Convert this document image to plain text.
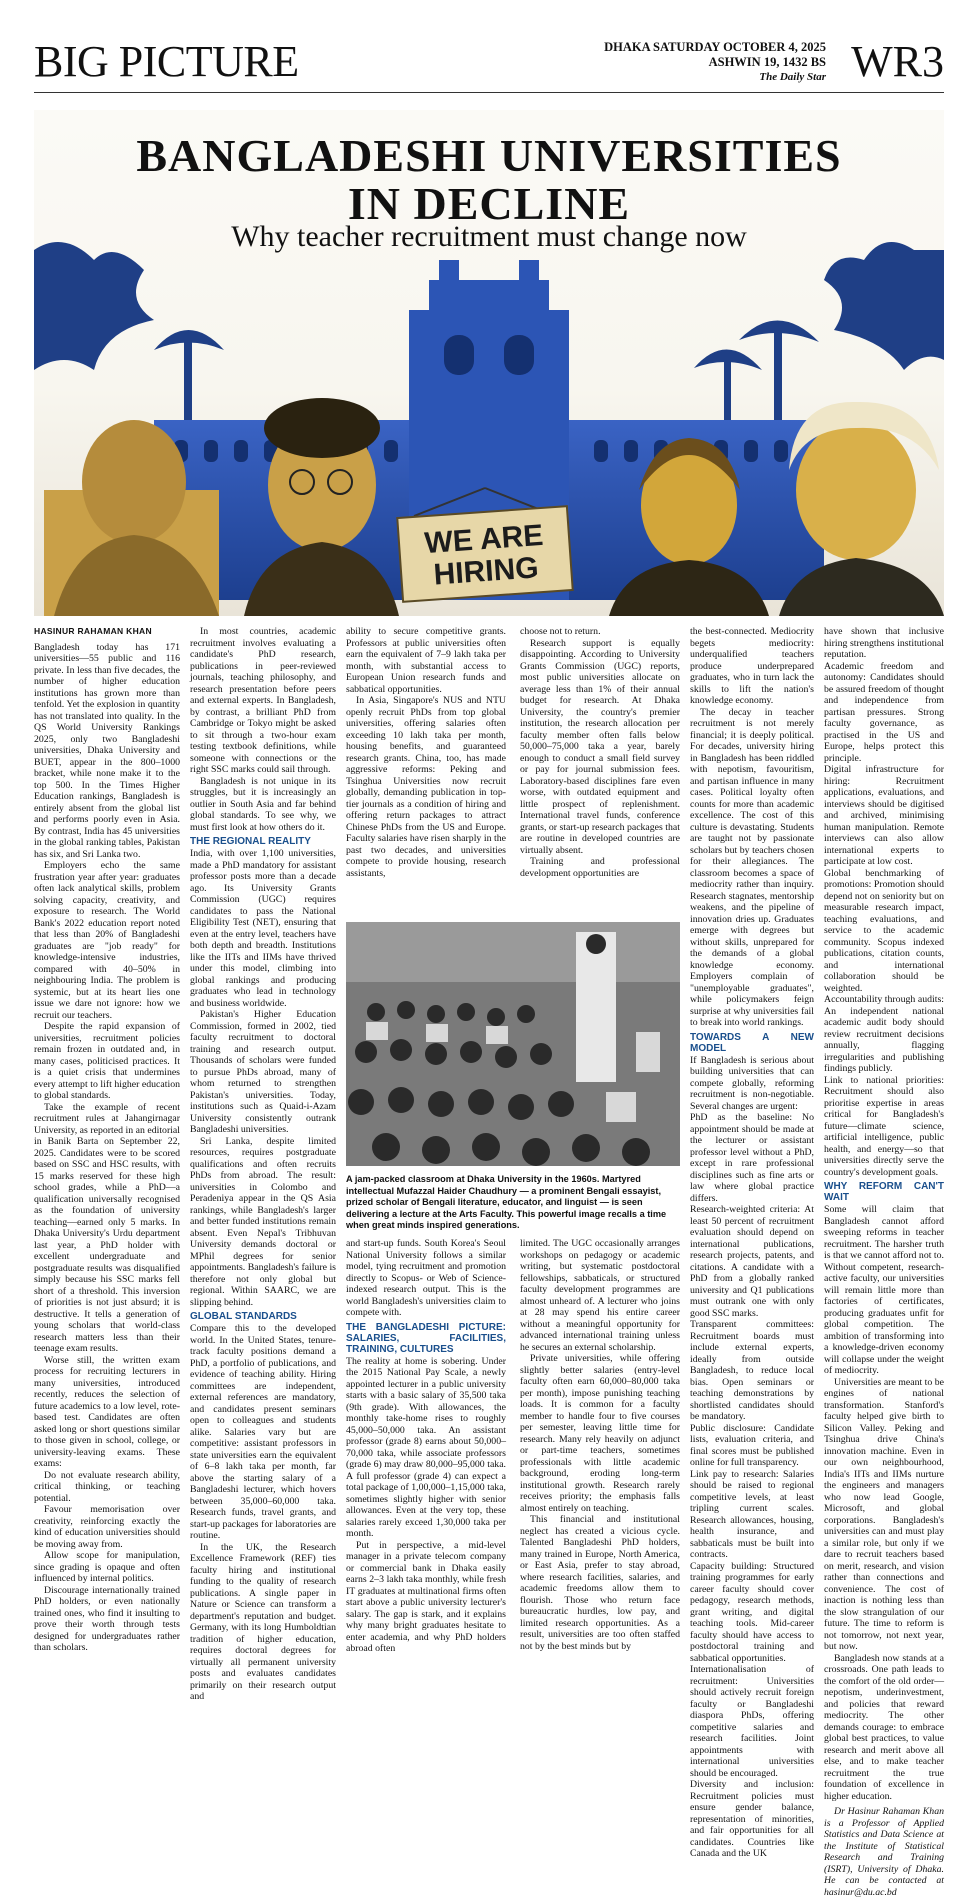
BIG PICTURE	DHAKA SATURDAY OCTOBER 4, 2025
ASHWIN 19, 1432 BS
The Daily Star WR3
BANGLADESHI UNIVERSITIES
IN DECLINE
Why teacher recruitment must change now
WE ARE
HIRING
HASINUR RAHAMAN KHAN

Bangladesh today has 171 universities—55 public and 116 private. In less than five decades, the number of higher education institutions has grown more than tenfold. Yet the explosion in quantity has not translated into quality. In the QS World University Rankings 2025, only two Bangladeshi universities, Dhaka University and BUET, appear in the 800–1000 bracket, while none make it to the top 500. In the Times Higher Education rankings, Bangladesh is entirely absent from the global list and performs poorly even in Asia. By contrast, India has 45 universities in the global ranking tables, Pakistan has six, and Sri Lanka two.

Employers echo the same frustration year after year: graduates often lack analytical skills, problem solving capacity, creativity, and exposure to research. The World Bank's 2022 education report noted that less than 20% of Bangladeshi graduates are "job ready" for knowledge-intensive industries, compared with 40–50% in neighbouring India. The problem is systemic, but at its heart lies one issue we dare not ignore: how we recruit our teachers.

Despite the rapid expansion of universities, recruitment policies remain frozen in outdated and, in many cases, politicised practices. It is a quiet crisis that undermines every attempt to lift higher education to global standards.

Take the example of recent recruitment rules at Jahangirnagar University, as reported in an editorial in Banik Barta on September 22, 2025. Candidates were to be scored based on SSC and HSC results, with 15 marks reserved for these high school grades, while a PhD—a qualification universally recognised as the foundation of university teaching—earned only 5 marks. In Dhaka University's Urdu department last year, a PhD holder with excellent undergraduate and postgraduate results was disqualified simply because his SSC marks fell short of a threshold. This inversion of priorities is not just absurd; it is destructive. It tells a generation of young scholars that world-class research matters less than their teenage exam results.

Worse still, the written exam process for recruiting lecturers in many universities, introduced recently, reduces the selection of future academics to a low level, rote-based test. Candidates are often asked long or short questions similar to those given in school, college, or university-leaving exams. These exams:

Do not evaluate research ability, critical thinking, or teaching potential.

Favour memorisation over creativity, reinforcing exactly the kind of education universities should be moving away from.

Allow scope for manipulation, since grading is opaque and often influenced by internal politics.

Discourage internationally trained PhD holders, or even nationally trained ones, who find it insulting to prove their worth through tests designed for undergraduates rather than scholars.

In most countries, academic recruitment involves evaluating a candidate's PhD research, publications in peer-reviewed journals, teaching philosophy, and research presentation before peers and external experts. In Bangladesh, by contrast, a brilliant PhD from Cambridge or Tokyo might be asked to sit through a two-hour exam testing textbook definitions, while someone with connections or the right SSC marks could sail through.

Bangladesh is not unique in its struggles, but it is increasingly an outlier in South Asia and far behind global standards. To see why, we must first look at how others do it.

THE REGIONAL REALITY

India, with over 1,100 universities, made a PhD mandatory for assistant professor posts more than a decade ago. Its University Grants Commission (UGC) requires candidates to pass the National Eligibility Test (NET), ensuring that even at the entry level, teachers have both depth and breadth. Institutions like the IITs and IIMs have thrived under this model, climbing into global rankings and producing graduates who lead in technology and business worldwide.

Pakistan's Higher Education Commission, formed in 2002, tied faculty recruitment to doctoral training and research output. Thousands of scholars were funded to pursue PhDs abroad, many of whom returned to strengthen Pakistan's universities. Today, institutions such as Quaid-i-Azam University consistently outrank Bangladeshi universities.

Sri Lanka, despite limited resources, requires postgraduate qualifications and often recruits PhDs from abroad. The result: universities in Colombo and Peradeniya appear in the QS Asia rankings, while Bangladesh's larger and better funded institutions remain absent. Even Nepal's Tribhuvan University demands doctoral or MPhil degrees for senior appointments. Bangladesh's failure is therefore not only global but regional. Within SAARC, we are slipping behind.

GLOBAL STANDARDS

Compare this to the developed world. In the United States, tenure-track faculty positions demand a PhD, a portfolio of publications, and evidence of teaching ability. Hiring committees are independent, external references are mandatory, and candidates present seminars open to colleagues and students alike. Salaries vary but are competitive: assistant professors in state universities earn the equivalent of 6–8 lakh taka per month, far above the starting salary of a Bangladeshi lecturer, which hovers between 35,000–60,000 taka. Research funds, travel grants, and start-up packages for laboratories are routine.

In the UK, the Research Excellence Framework (REF) ties faculty hiring and institutional funding to the quality of research publications. A single paper in Nature or Science can transform a department's reputation and budget. Germany, with its long Humboldtian tradition of higher education, requires doctoral degrees for virtually all permanent university posts and evaluates candidates primarily on their research output and

ability to secure competitive grants. Professors at public universities often earn the equivalent of 7–9 lakh taka per month, with substantial access to European Union research funds and sabbatical opportunities.

In Asia, Singapore's NUS and NTU openly recruit PhDs from top global universities, offering salaries often exceeding 10 lakh taka per month, housing benefits, and guaranteed research grants. China, too, has made aggressive reforms: Peking and Tsinghua Universities now recruit globally, demanding publication in top-tier journals as a condition of hiring and offering return packages to attract Chinese PhDs from the US and Europe. Faculty salaries have risen sharply in the past two decades, and universities compete to provide housing, research assistants,

choose not to return.

Research support is equally disappointing. According to University Grants Commission (UGC) reports, most public universities allocate on average less than 1% of their annual budget for research. At Dhaka University, the country's premier institution, the research allocation per faculty member often falls below 50,000–75,000 taka a year, barely enough to conduct a small field survey or pay for journal submission fees. Laboratory-based disciplines fare even worse, with outdated equipment and little prospect of replenishment. International travel funds, conference grants, or start-up research packages that are routine in developed countries are virtually absent.

Training and professional development opportunities are

A jam-packed classroom at Dhaka University in the 1960s. Martyred intellectual Mufazzal Haider Chaudhury — a prominent Bengali essayist, prized scholar of Bengali literature, educator, and linguist — is seen delivering a lecture at the Arts Faculty. This powerful image recalls a time when great minds inspired generations.

and start-up funds. South Korea's Seoul National University follows a similar model, tying recruitment and promotion directly to Scopus- or Web of Science-indexed research output. This is the world Bangladesh's universities claim to compete with.

THE BANGLADESHI PICTURE: SALARIES, FACILITIES, TRAINING, CULTURES

The reality at home is sobering. Under the 2015 National Pay Scale, a newly appointed lecturer in a public university starts with a basic salary of 35,500 taka (9th grade). With allowances, the monthly take-home rises to roughly 45,000–50,000 taka. An assistant professor (grade 8) earns about 50,000–70,000 taka, while associate professors (grade 6) may draw 80,000–95,000 taka. A full professor (grade 4) can expect a total package of 1,00,000–1,15,000 taka, sometimes slightly higher with senior allowances. Even at the very top, these salaries rarely exceed 1,30,000 taka per month.

Put in perspective, a mid-level manager in a private telecom company or commercial bank in Dhaka easily earns 2–3 lakh taka monthly, while fresh IT graduates at multinational firms often start above a public university lecturer's salary. The gap is stark, and it explains why many bright graduates hesitate to enter academia, and why PhD holders abroad often

limited. The UGC occasionally arranges workshops on pedagogy or academic writing, but systematic postdoctoral fellowships, sabbaticals, or structured faculty development programmes are almost unheard of. A lecturer who joins at 28 may spend his entire career without a meaningful opportunity for advanced international training unless he secures an external scholarship.

Private universities, while offering slightly better salaries (entry-level faculty often earn 60,000–80,000 taka per month), impose punishing teaching loads. It is common for a faculty member to handle four to five courses per semester, leaving little time for research. Many rely heavily on adjunct or part-time teachers, sometimes professionals with little academic background, eroding long-term institutional growth. Research rarely receives priority; the emphasis falls almost entirely on teaching.

This financial and institutional neglect has created a vicious cycle. Talented Bangladeshi PhD holders, many trained in Europe, North America, or East Asia, prefer to stay abroad, where research facilities, salaries, and academic freedoms allow them to flourish. Those who return face bureaucratic hurdles, low pay, and limited research opportunities. As a result, universities are too often staffed not by the best minds but by

the best-connected. Mediocrity begets mediocrity: underqualified teachers produce underprepared graduates, who in turn lack the skills to lift the nation's knowledge economy.

The decay in teacher recruitment is not merely financial; it is deeply political. For decades, university hiring in Bangladesh has been riddled with nepotism, favouritism, and partisan influence in many cases. Political loyalty often counts for more than academic excellence. The cost of this culture is devastating. Students are taught not by passionate scholars but by teachers chosen for their allegiances. The classroom becomes a space of mediocrity rather than inquiry. Research stagnates, mentorship weakens, and the pipeline of innovation dries up. Graduates emerge with degrees but without skills, unprepared for the demands of a global knowledge economy. Employers complain of "unemployable graduates", while policymakers feign surprise at why universities fail to break into world rankings.

TOWARDS A NEW MODEL

If Bangladesh is serious about building universities that can compete globally, reforming recruitment is non-negotiable. Several changes are urgent:

PhD as the baseline: No appointment should be made at the lecturer or assistant professor level without a PhD, except in rare professional disciplines such as fine arts or law where global practice differs.

Research-weighted criteria: At least 50 percent of recruitment evaluation should depend on international publications, research projects, patents, and citations. A candidate with a PhD from a globally ranked university and Q1 publications must outrank one with only good SSC marks.

Transparent committees: Recruitment boards must include external experts, ideally from outside Bangladesh, to reduce local bias. Open seminars or teaching demonstrations by shortlisted candidates should be mandatory.

Public disclosure: Candidate lists, evaluation criteria, and final scores must be published online for full transparency.

Link pay to research: Salaries should be raised to regional competitive levels, at least tripling current scales. Research allowances, housing, health insurance, and sabbaticals must be built into contracts.

Capacity building: Structured training programmes for early career faculty should cover pedagogy, research methods, grant writing, and digital teaching tools. Mid-career faculty should have access to postdoctoral training and sabbatical opportunities.

Internationalisation of recruitment: Universities should actively recruit foreign faculty or Bangladeshi diaspora PhDs, offering competitive salaries and research facilities. Joint appointments with international universities should be encouraged.

Diversity and inclusion: Recruitment policies must ensure gender balance, representation of minorities, and fair opportunities for all candidates. Countries like Canada and the UK

have shown that inclusive hiring strengthens institutional reputation.

Academic freedom and autonomy: Candidates should be assured freedom of thought and independence from partisan pressures. Strong faculty governance, as practised in the US and Europe, helps protect this principle.

Digital infrastructure for hiring: Recruitment applications, evaluations, and interviews should be digitised and archived, minimising human manipulation. Remote interviews can also allow international experts to participate at low cost.

Global benchmarking of promotions: Promotion should depend not on seniority but on measurable research impact, teaching evaluations, and service to the academic community. Scopus indexed publications, citation counts, and international collaboration should be weighted.

Accountability through audits: An independent national academic audit body should review recruitment decisions annually, flagging irregularities and publishing findings publicly.

Link to national priorities: Recruitment should also prioritise expertise in areas critical for Bangladesh's future—climate science, artificial intelligence, public health, and energy—so that universities directly serve the country's development goals.

WHY REFORM CAN'T WAIT

Some will claim that Bangladesh cannot afford sweeping reforms in teacher recruitment. The harsher truth is that we cannot afford not to. Without competent, research-active faculty, our universities will remain little more than factories of certificates, producing graduates unfit for global competition. The ambition of transforming into a knowledge-driven economy will collapse under the weight of mediocrity.

Universities are meant to be engines of national transformation. Stanford's faculty helped give birth to Silicon Valley. Peking and Tsinghua drive China's innovation machine. Even in our own neighbourhood, India's IITs and IIMs nurture the engineers and managers who now lead Google, Microsoft, and global corporations. Bangladesh's universities can and must play a similar role, but only if we dare to recruit teachers based on merit, research, and vision rather than connections and convenience. The cost of inaction is nothing less than the slow strangulation of our future. The time to reform is not tomorrow, not next year, but now.

Bangladesh now stands at a crossroads. One path leads to the comfort of the old order—nepotism, underinvestment, and policies that reward mediocrity. The other demands courage: to embrace global best practices, to value research and merit above all else, and to make teacher recruitment the true foundation of excellence in higher education.

Dr Hasinur Rahaman Khan is a Professor of Applied Statistics and Data Science at the Institute of Statistical Research and Training (ISRT), University of Dhaka. He can be contacted at hasinur@du.ac.bd
